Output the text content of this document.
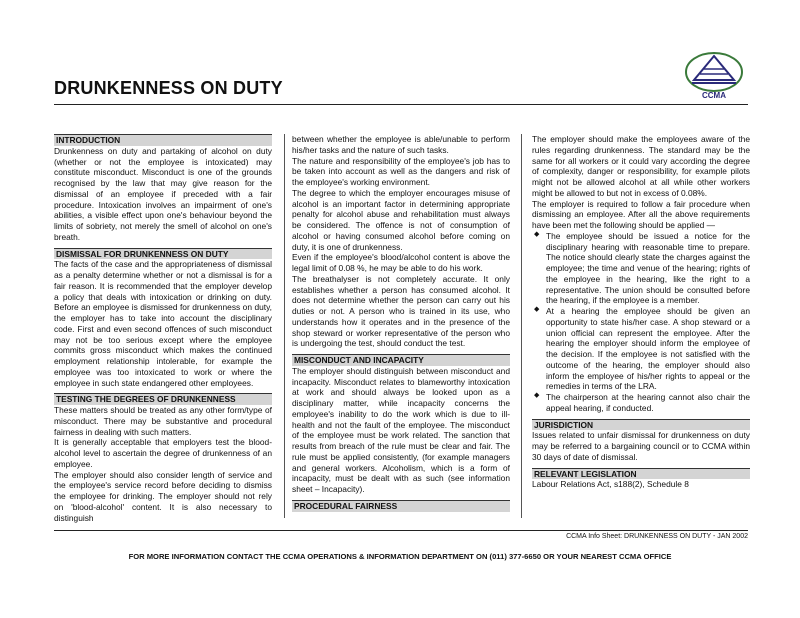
DRUNKENNESS ON DUTY	CCMA
INTRODUCTION

Drunkenness on duty and partaking of alcohol on duty (whether or not the employee is intoxicated) may constitute misconduct. Misconduct is one of the grounds recognised by the law that may give reason for the dismissal of an employee if preceded with a fair procedure. Intoxication involves an impairment of one's abilities, a visible effect upon one's behaviour beyond the limits of sobriety, not merely the smell of alcohol on one's breath.

DISMISSAL FOR DRUNKENNESS ON DUTY

The facts of the case and the appropriateness of dismissal as a penalty determine whether or not a dismissal is for a fair reason. It is recommended that the employer develop a policy that deals with intoxication or drinking on duty. Before an employee is dismissed for drunkenness on duty, the employer has to take into account the disciplinary code. First and even second offences of such misconduct may not be too serious except where the employee commits gross misconduct which makes the continued employment relationship intolerable, for example the employee was too intoxicated to work or where the employee in such state endangered other employees.

TESTING THE DEGREES OF DRUNKENNESS

These matters should be treated as any other form/type of misconduct. There may be substantive and procedural fairness in dealing with such matters.

It is generally acceptable that employers test the blood-alcohol level to ascertain the degree of drunkenness of an employee.

The employer should also consider length of service and the employee's service record before deciding to dismiss the employee for drinking. The employer should not rely on 'blood-alcohol' content. It is also necessary to distinguish

between whether the employee is able/unable to perform his/her tasks and the nature of such tasks.

The nature and responsibility of the employee's job has to be taken into account as well as the dangers and risk of the employee's working environment.

The degree to which the employer encourages misuse of alcohol is an important factor in determining appropriate penalty for alcohol abuse and rehabilitation must always be considered. The offence is not of consumption of alcohol or having consumed alcohol before coming on duty, it is one of drunkenness.

Even if the employee's blood/alcohol content is above the legal limit of 0.08 %, he may be able to do his work.

The breathalyser is not completely accurate. It only establishes whether a person has consumed alcohol. It does not determine whether the person can carry out his duties or not. A person who is trained in its use, who understands how it operates and in the presence of the shop steward or worker representative of the person who is undergoing the test, should conduct the test.

MISCONDUCT AND INCAPACITY

The employer should distinguish between misconduct and incapacity. Misconduct relates to blameworthy intoxication at work and should always be looked upon as a disciplinary matter, while incapacity concerns the employee's inability to do the work which is due to ill-health and not the fault of the employee. The misconduct of the employee must be work related. The sanction that results from breach of the rule must be clear and fair. The rule must be applied consistently, (for example managers and general workers. Alcoholism, which is a form of incapacity, must be dealt with as such (see information sheet – Incapacity).

PROCEDURAL FAIRNESS

The employer should make the employees aware of the rules regarding drunkenness. The standard may be the same for all workers or it could vary according the degree of complexity, danger or responsibility, for example pilots might not be allowed alcohol at all while other workers might be allowed to but not in excess of 0.08%.

The employer is required to follow a fair procedure when dismissing an employee. After all the above requirements have been met the following should be applied —

◆ The employee should be issued a notice for the disciplinary hearing with reasonable time to prepare. The notice should clearly state the charges against the employee; the time and venue of the hearing; rights of the employee in the hearing, like the right to a representative. The union should be consulted before the hearing, if the employee is a member.
◆ At a hearing the employee should be given an opportunity to state his/her case. A shop steward or a union official can represent the employee. After the hearing the employer should inform the employee of the decision. If the employee is not satisfied with the outcome of the hearing, the employer should also inform the employee of his/her rights to appeal or the remedies in terms of the LRA.
◆ The chairperson at the hearing cannot also chair the appeal hearing, if conducted.
JURISDICTION

Issues related to unfair dismissal for drunkenness on duty may be referred to a bargaining council or to CCMA within 30 days of date of dismissal.

RELEVANT LEGISLATION

Labour Relations Act, s188(2), Schedule 8

CCMA Info Sheet: DRUNKENNESS ON DUTY - JAN 2002
FOR MORE INFORMATION CONTACT THE CCMA OPERATIONS & INFORMATION DEPARTMENT ON (011) 377-6650 OR YOUR NEAREST CCMA OFFICE
